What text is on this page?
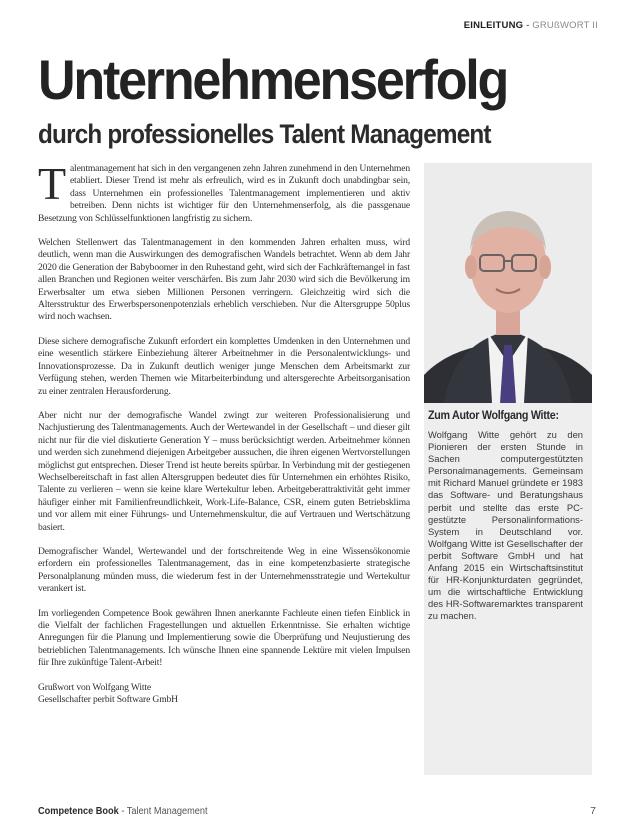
EINLEITUNG - GRUßWORT II
Unternehmenserfolg
durch professionelles Talent Management

Talentmanagement hat sich in den vergangenen zehn Jahren zunehmend in den Unternehmen etabliert. Dieser Trend ist mehr als erfreulich, wird es in Zukunft doch unabdingbar sein, dass Unternehmen ein professionelles Talentmanagement implementieren und aktiv betreiben. Denn nichts ist wichtiger für den Unternehmenserfolg, als die passgenaue Besetzung von Schlüsselfunktionen langfristig zu sichern.

Welchen Stellenwert das Talentmanagement in den kommenden Jahren erhalten muss, wird deutlich, wenn man die Auswirkungen des demografischen Wandels betrachtet. Wenn ab dem Jahr 2020 die Generation der Babyboomer in den Ruhestand geht, wird sich der Fachkräftemangel in fast allen Branchen und Regionen weiter verschärfen. Bis zum Jahr 2030 wird sich die Bevölkerung im Erwerbsalter um etwa sieben Millionen Personen verringern. Gleichzeitig wird sich die Altersstruktur des Erwerbspersonenpotenzials erheblich verschieben. Nur die Altersgruppe 50plus wird noch wachsen.

Diese sichere demografische Zukunft erfordert ein komplettes Umdenken in den Unternehmen und eine wesentlich stärkere Einbeziehung älterer Arbeitnehmer in die Personalentwicklungs- und Innovationsprozesse. Da in Zukunft deutlich weniger junge Menschen dem Arbeitsmarkt zur Verfügung stehen, werden Themen wie Mitarbeiterbindung und altersgerechte Arbeitsorganisation zu einer zentralen Herausforderung.

Aber nicht nur der demografische Wandel zwingt zur weiteren Professionalisierung und Nachjustierung des Talentmanagements. Auch der Wertewandel in der Gesellschaft – und dieser gilt nicht nur für die viel diskutierte Generation Y – muss berücksichtigt werden. Arbeitnehmer können und werden sich zunehmend diejenigen Arbeitgeber aussuchen, die ihren eigenen Wertvorstellungen möglichst gut entsprechen. Dieser Trend ist heute bereits spürbar. In Verbindung mit der gestiegenen Wechselbereitschaft in fast allen Altersgruppen bedeutet dies für Unternehmen ein erhöhtes Risiko, Talente zu verlieren – wenn sie keine klare Wertekultur leben. Arbeitgeberattraktivität geht immer häufiger einher mit Familienfreundlichkeit, Work-Life-Balance, CSR, einem guten Betriebsklima und vor allem mit einer Führungs- und Unternehmenskultur, die auf Vertrauen und Wertschätzung basiert.

Demografischer Wandel, Wertewandel und der fortschreitende Weg in eine Wissensökonomie erfordern ein professionelles Talentmanagement, das in eine kompetenzbasierte strategische Personalplanung münden muss, die wiederum fest in der Unternehmensstrategie und Wertekultur verankert ist.

Im vorliegenden Competence Book gewähren Ihnen anerkannte Fachleute einen tiefen Einblick in die Vielfalt der fachlichen Fragestellungen und aktuellen Erkenntnisse. Sie erhalten wichtige Anregungen für die Planung und Implementierung sowie die Überprüfung und Neujustierung des betrieblichen Talentmanagements. Ich wünsche Ihnen eine spannende Lektüre mit vielen Impulsen für Ihre zukünftige Talent-Arbeit!

Grußwort von Wolfgang Witte

Gesellschafter perbit Software GmbH

Zum Autor Wolfgang Witte:
Wolfgang Witte gehört zu den Pionieren der ersten Stunde in Sachen computergestützten Personalmanagements. Gemeinsam mit Richard Manuel gründete er 1983 das Software- und Beratungshaus perbit und stellte das erste PC-gestützte Personalinformations-System in Deutschland vor. Wolfgang Witte ist Gesellschafter der perbit Software GmbH und hat Anfang 2015 ein Wirtschaftsinstitut für HR-Konjunkturdaten gegründet, um die wirtschaftliche Entwicklung des HR-Softwaremarktes transparent zu machen.
Competence Book - Talent Management	7
